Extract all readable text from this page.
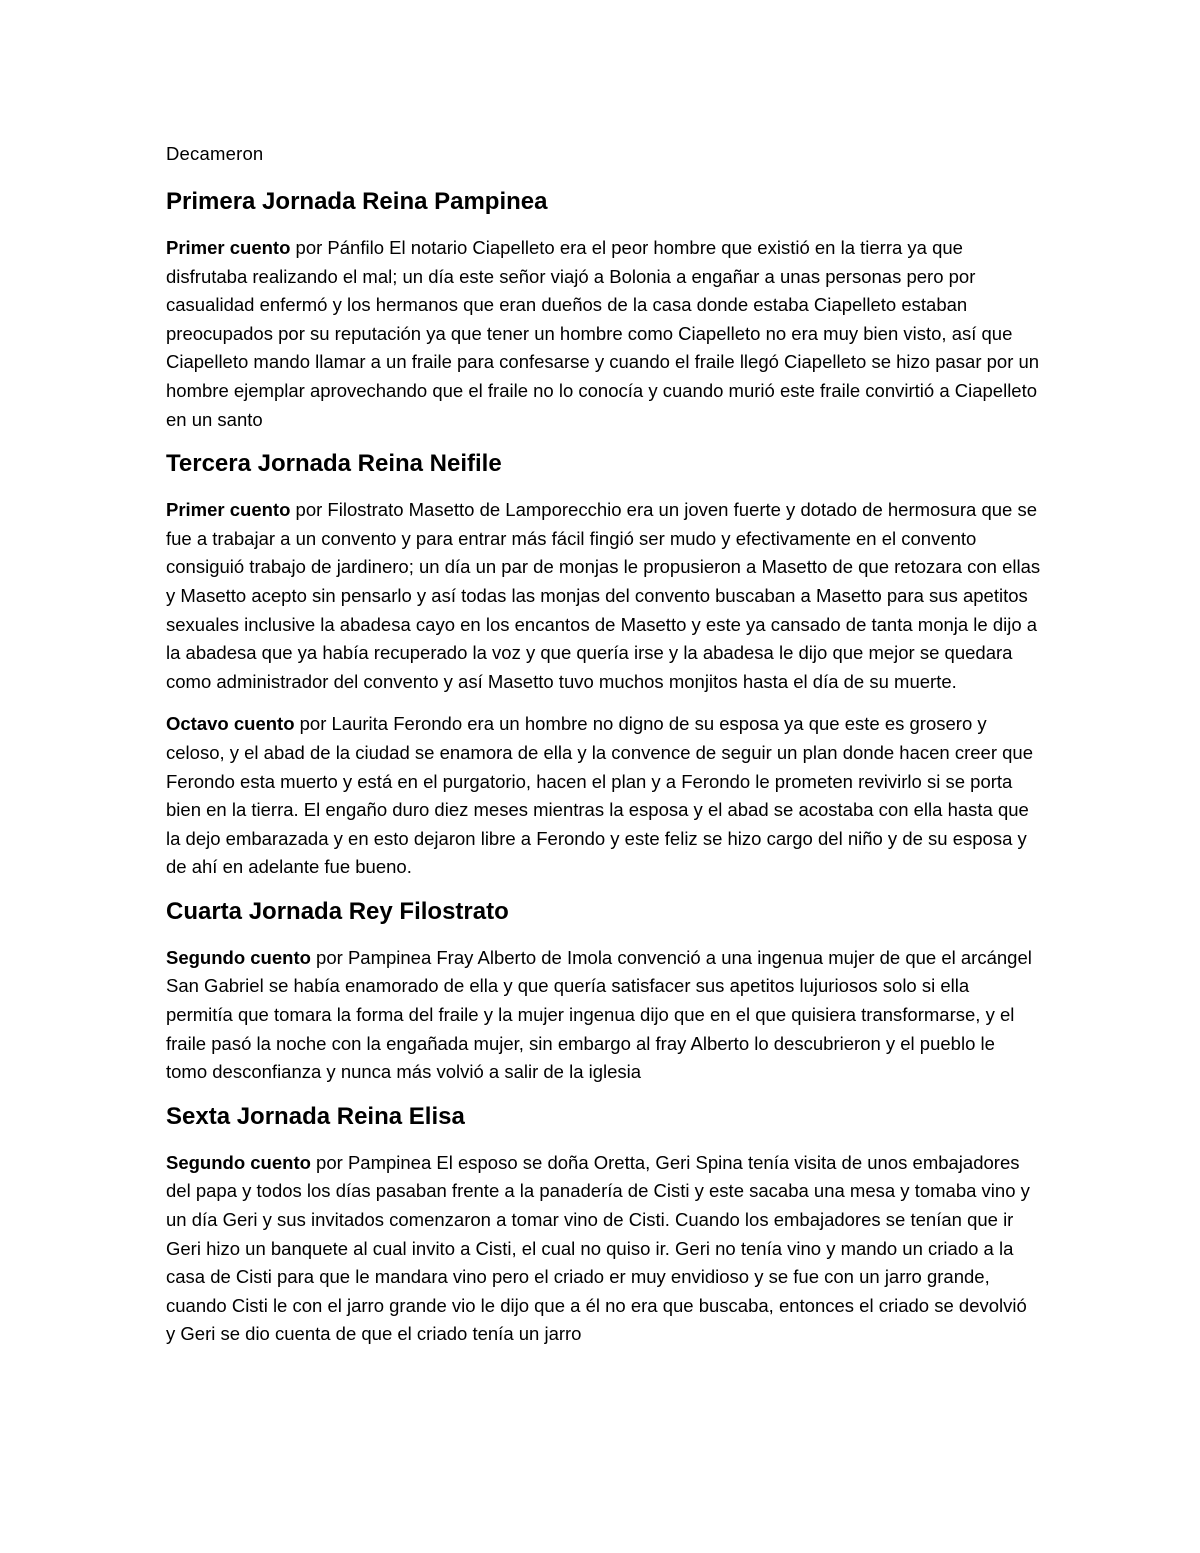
Decameron
Primera Jornada Reina Pampinea

Primer cuento por Pánfilo El notario Ciapelleto era el peor hombre que existió en la tierra ya que disfrutaba realizando el mal; un día este señor viajó a Bolonia a engañar a unas personas pero por casualidad enfermó y los hermanos que eran dueños de la casa donde estaba Ciapelleto estaban preocupados por su reputación ya que tener un hombre como Ciapelleto no era muy bien visto, así que Ciapelleto mando llamar a un fraile para confesarse y cuando el fraile llegó Ciapelleto se hizo pasar por un hombre ejemplar aprovechando que el fraile no lo conocía y cuando murió este fraile convirtió a Ciapelleto en un santo

Tercera Jornada Reina Neifile

Primer cuento por Filostrato Masetto de Lamporecchio era un joven fuerte y dotado de hermosura que se fue a trabajar a un convento y para entrar más fácil fingió ser mudo y efectivamente en el convento consiguió trabajo de jardinero; un día un par de monjas le propusieron a Masetto de que retozara con ellas y Masetto acepto sin pensarlo y así todas las monjas del convento buscaban a Masetto para sus apetitos sexuales inclusive la abadesa cayo en los encantos de Masetto y este ya cansado de tanta monja le dijo a la abadesa que ya había recuperado la voz y que quería irse y la abadesa le dijo que mejor se quedara como administrador del convento y así Masetto tuvo muchos monjitos hasta el día de su muerte.

Octavo cuento por Laurita Ferondo era un hombre no digno de su esposa ya que este es grosero y celoso, y el abad de la ciudad se enamora de ella y la convence de seguir un plan donde hacen creer que Ferondo esta muerto y está en el purgatorio, hacen el plan y a Ferondo le prometen revivirlo si se porta bien en la tierra. El engaño duro diez meses mientras la esposa y el abad se acostaba con ella hasta que la dejo embarazada y en esto dejaron libre a Ferondo y este feliz se hizo cargo del niño y de su esposa y de ahí en adelante fue bueno.

Cuarta Jornada Rey Filostrato

Segundo cuento por Pampinea Fray Alberto de Imola convenció a una ingenua mujer de que el arcángel San Gabriel se había enamorado de ella y que quería satisfacer sus apetitos lujuriosos solo si ella permitía que tomara la forma del fraile y la mujer ingenua dijo que en el que quisiera transformarse, y el fraile pasó la noche con la engañada mujer, sin embargo al fray Alberto lo descubrieron y el pueblo le tomo desconfianza y nunca más volvió a salir de la iglesia

Sexta Jornada Reina Elisa

Segundo cuento por Pampinea El esposo se doña Oretta, Geri Spina tenía visita de unos embajadores del papa y todos los días pasaban frente a la panadería de Cisti y este sacaba una mesa y tomaba vino y un día Geri y sus invitados comenzaron a tomar vino de Cisti. Cuando los embajadores se tenían que ir Geri hizo un banquete al cual invito a Cisti, el cual no quiso ir. Geri no tenía vino y mando un criado a la casa de Cisti para que le mandara vino pero el criado er muy envidioso y se fue con un jarro grande, cuando Cisti le con el jarro grande vio le dijo que a él no era que buscaba, entonces el criado se devolvió y Geri se dio cuenta de que el criado tenía un jarro
